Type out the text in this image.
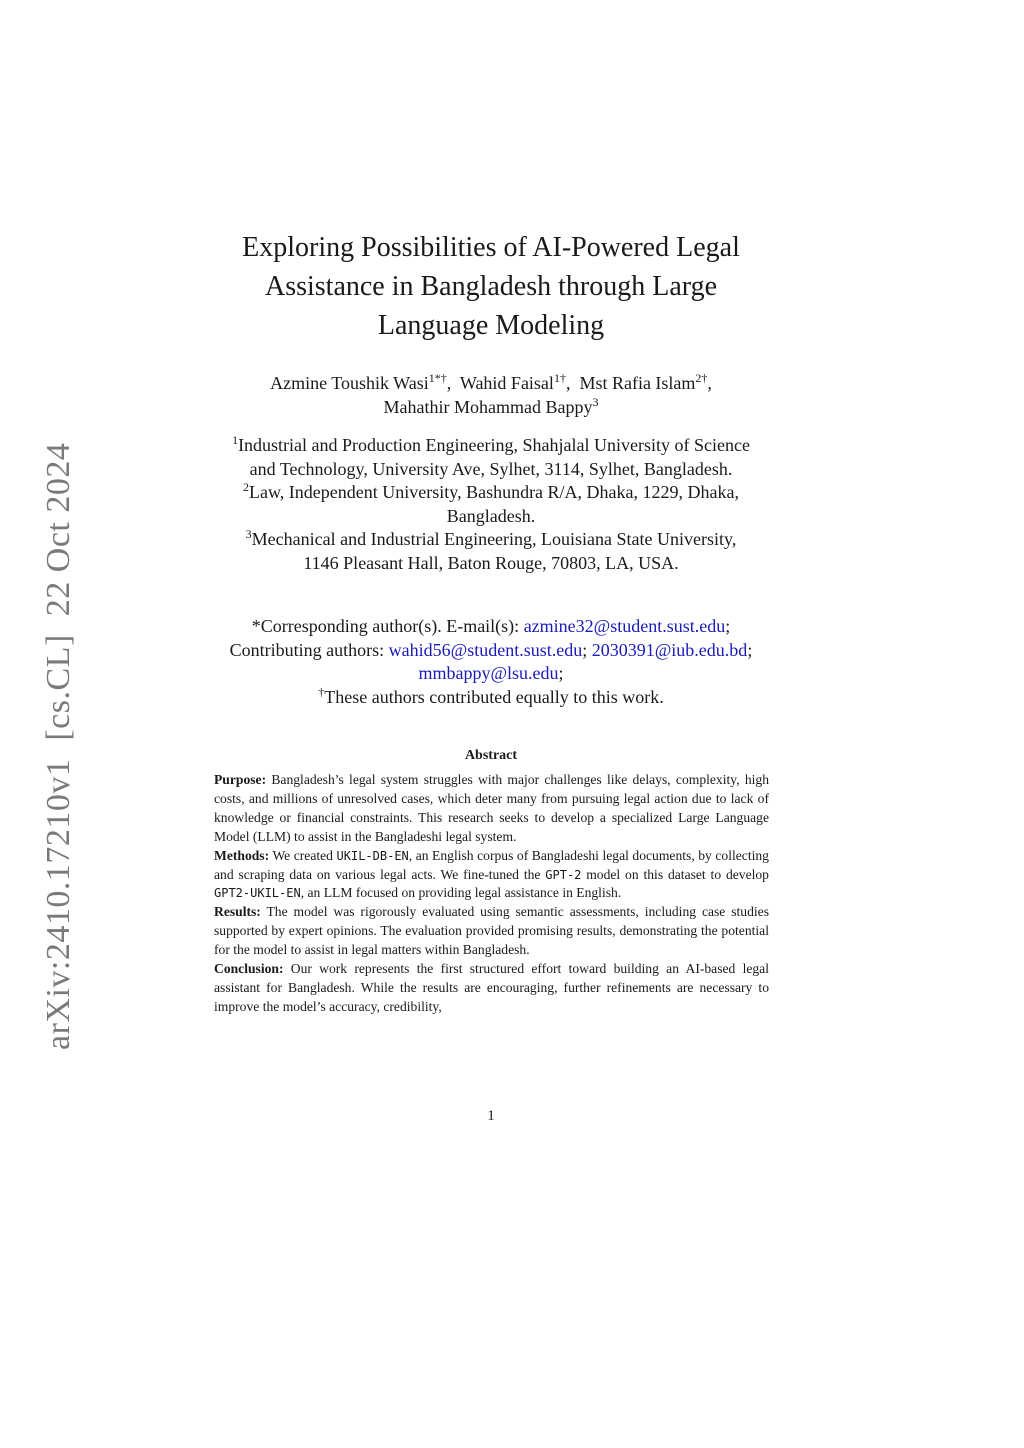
arXiv:2410.17210v1[cs.CL]22 Oct 2024
Exploring Possibilities of AI-Powered Legal
Assistance in Bangladesh through Large
Language Modeling
Azmine Toushik Wasi$^{1*\dagger}$,  Wahid Faisal$^{1\dagger}$,  Mst Rafia Islam$^{2\dagger}$,
Mahathir Mohammad Bappy$^3$
$^1$Industrial and Production Engineering, Shahjalal University of Science
and Technology, University Ave, Sylhet, 3114, Sylhet, Bangladesh.
$^2$Law, Independent University, Bashundra R/A, Dhaka, 1229, Dhaka,
Bangladesh.
$^3$Mechanical and Industrial Engineering, Louisiana State University,
1146 Pleasant Hall, Baton Rouge, 70803, LA, USA.
*Corresponding author(s). E-mail(s): azmine32@student.sust.edu;
Contributing authors: wahid56@student.sust.edu; 2030391@iub.edu.bd;
mmbappy@lsu.edu;
†These authors contributed equally to this work.
Abstract

Purpose: Bangladesh’s legal system struggles with major challenges like delays, complexity, high costs, and millions of unresolved cases, which deter many from pursuing legal action due to lack of knowledge or financial constraints. This research seeks to develop a specialized Large Language Model (LLM) to assist in the Bangladeshi legal system.

Methods: We created UKIL-DB-EN, an English corpus of Bangladeshi legal documents, by collecting and scraping data on various legal acts. We fine-tuned the GPT-2 model on this dataset to develop GPT2-UKIL-EN, an LLM focused on providing legal assistance in English.

Results: The model was rigorously evaluated using semantic assessments, including case studies supported by expert opinions. The evaluation provided promising results, demonstrating the potential for the model to assist in legal matters within Bangladesh.

Conclusion: Our work represents the first structured effort toward building an AI-based legal assistant for Bangladesh. While the results are encouraging, further refinements are necessary to improve the model’s accuracy, credibility,

1
